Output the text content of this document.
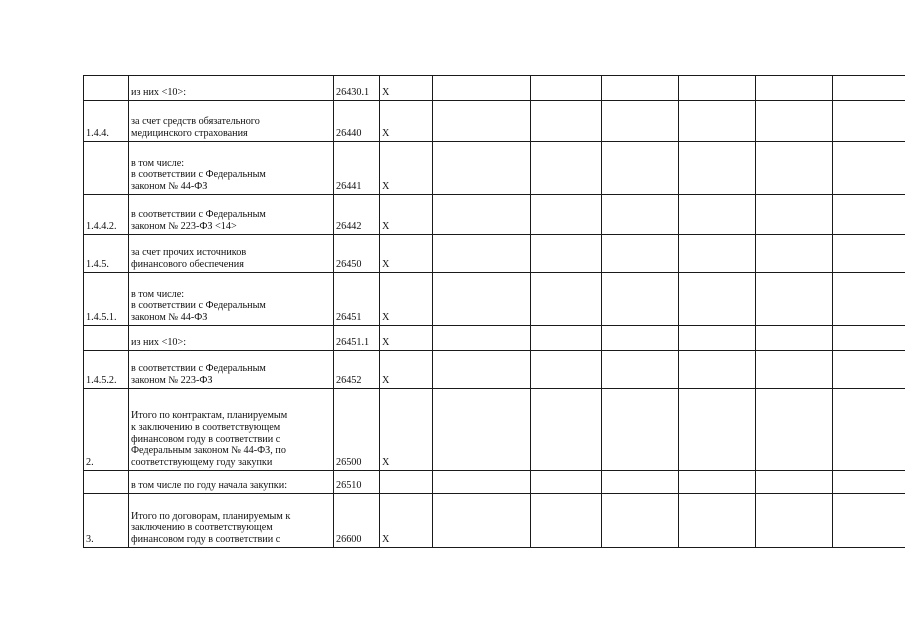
	из них <10>:	26430.1	X						
1.4.4.	за счет средств обязательного
медицинского страхования	26440	X						

	в том числе:
в соответствии с Федеральным
законом № 44-ФЗ	26441	X						
1.4.4.2.	в соответствии с Федеральным
законом № 223-ФЗ <14>	26442	X						
1.4.5.	за счет прочих источников
финансового обеспечения	26450	X						
1.4.5.1.	в том числе:
в соответствии с Федеральным
законом № 44-ФЗ	26451	X						

	из них <10>:	26451.1	X						
1.4.5.2.	в соответствии с Федеральным
законом № 223-ФЗ	26452	X						
2.	Итого по контрактам, планируемым
к заключению в соответствующем
финансовом году в соответствии с
Федеральным законом № 44-ФЗ, по
соответствующему году закупки	26500	X						

	в том числе по году начала закупки:	26510							
3.	Итого по договорам, планируемым к
заключению в соответствующем
финансовом году в соответствии с	26600	X						
